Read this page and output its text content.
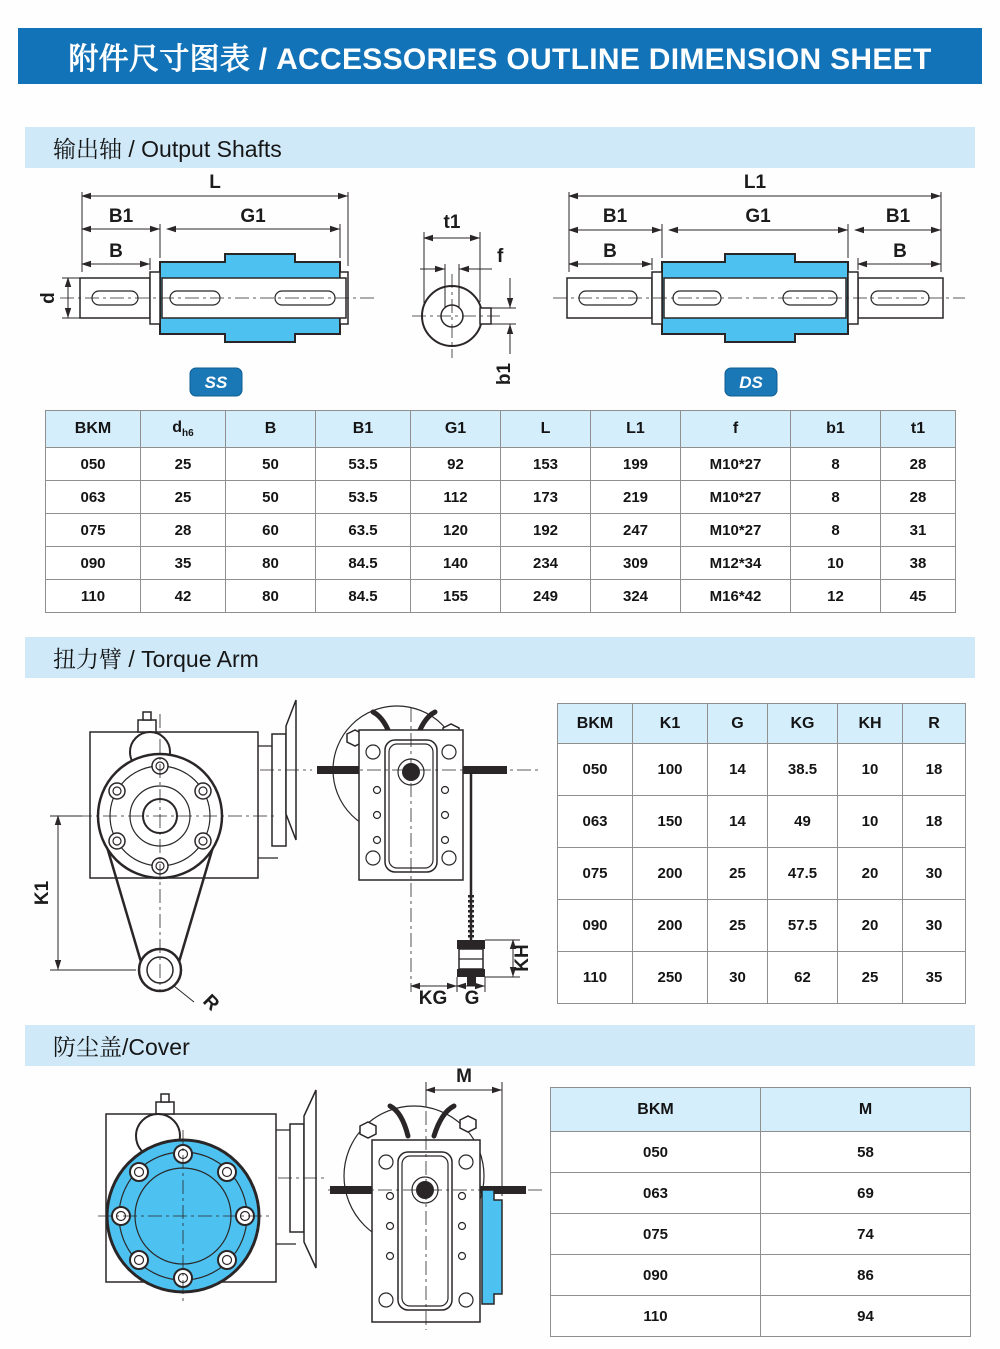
附件尺寸图表 / ACCESSORIES OUTLINE DIMENSION SHEET
输出轴 / Output Shafts
L
B1	G1
B
d
SS
t1
f
b1
L1
B1	G1	B1
B	B
DS
BKM	$d_{h6}$	B	B1	G1	L	L1	f	b1	t1
050	25	50	53.5	92	153	199	M10*27	8	28
063	25	50	53.5	112	173	219	M10*27	8	28
075	28	60	63.5	120	192	247	M10*27	8	31
090	35	80	84.5	140	234	309	M12*34	10	38
110	42	80	84.5	155	249	324	M16*42	12	45
扭力臂 / Torque Arm
K1
R
KH
KG G
BKM	K1	G	KG	KH	R
050	100	14	38.5	10	18
063	150	14	49	10	18
075	200	25	47.5	20	30
090	200	25	57.5	20	30
110	250	30	62	25	35
防尘盖/Cover
M
BKM	M
050	58
063	69
075	74
090	86
110	94
